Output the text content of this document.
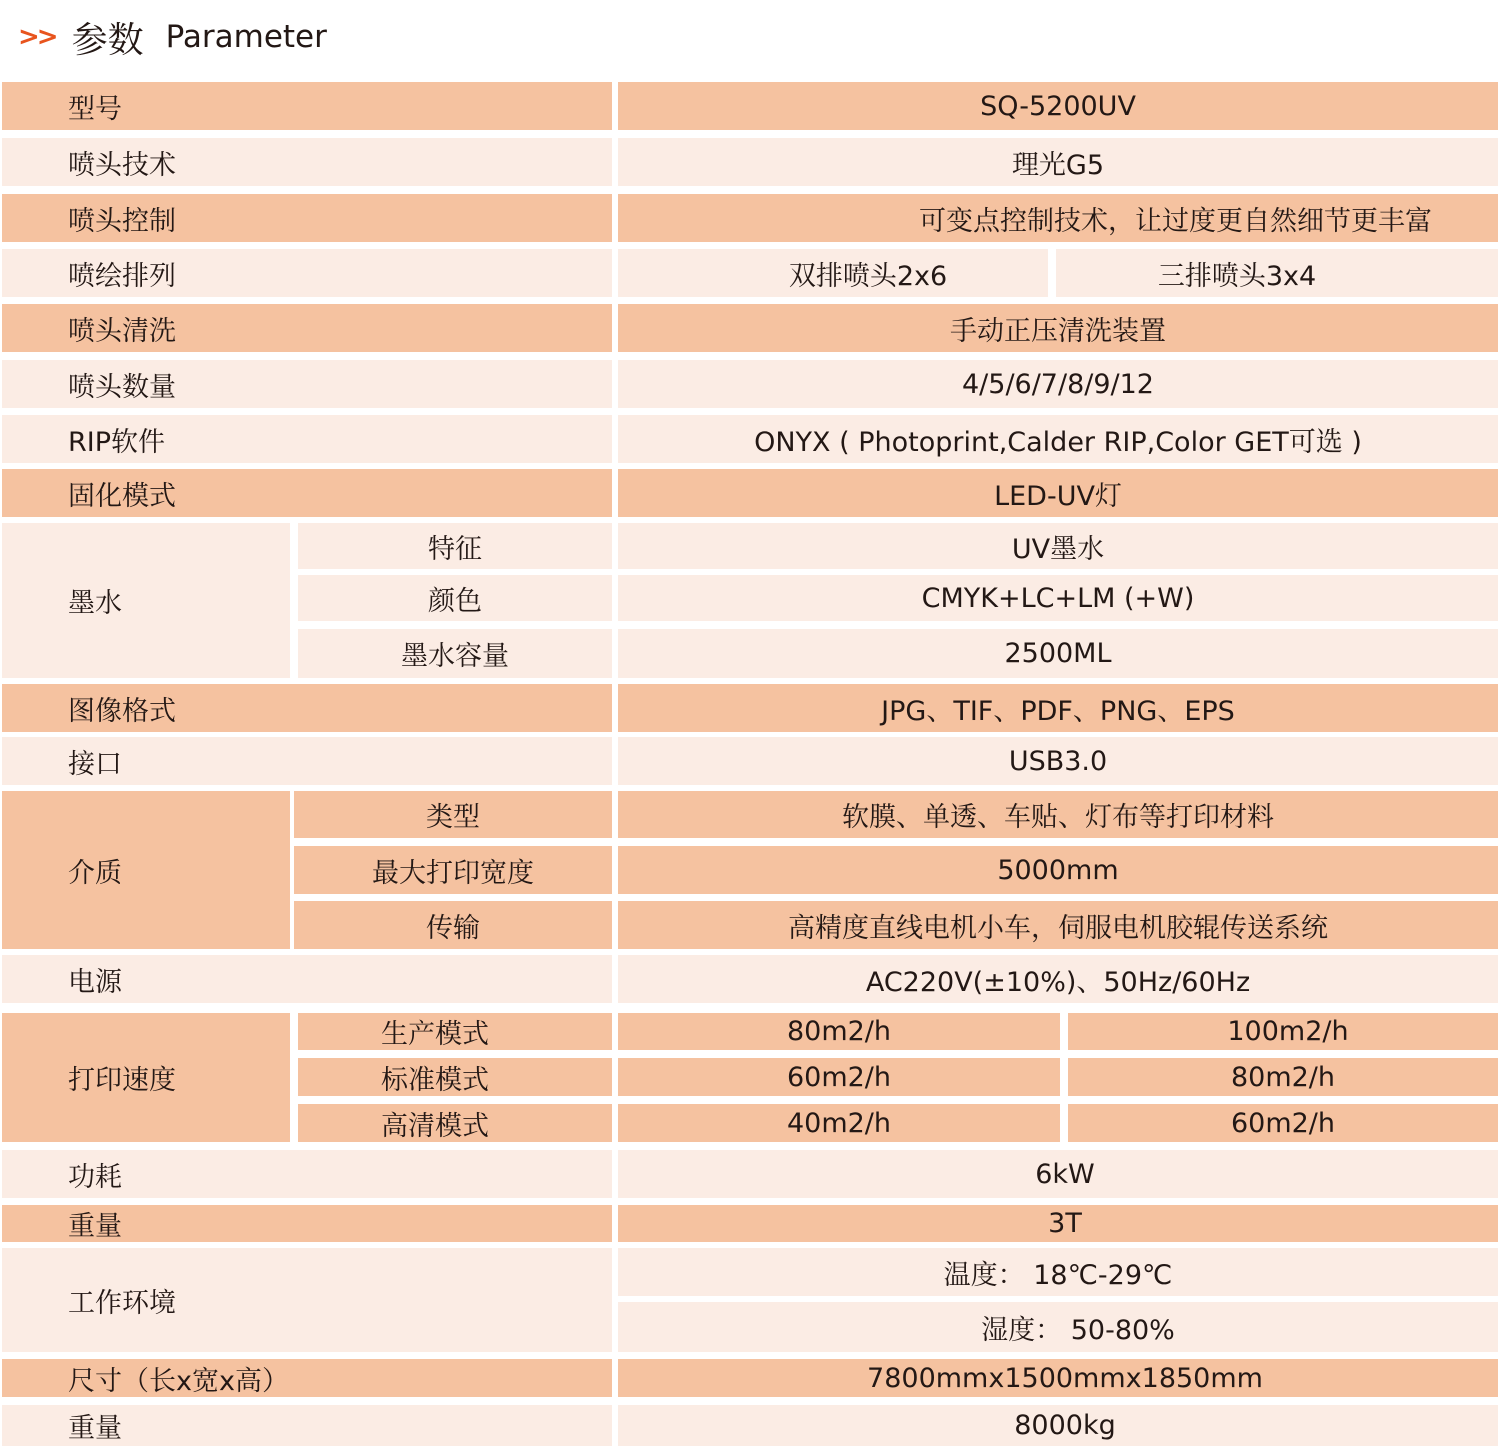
>> 参数 Parameter
型号	SQ-5200UV
喷头技术	理光G5
喷头控制	可变点控制技术，让过度更自然细节更丰富
喷绘排列	双排喷头2x6	三排喷头3x4
喷头清洗	手动正压清洗装置
喷头数量	4/5/6/7/8/9/12
RIP软件	ONYX ( Photoprint,Calder RIP,Color GET可选 )
固化模式	LED-UV灯
墨水
特征	UV墨水
颜色	CMYK+LC+LM (+W)
墨水容量	2500ML
图像格式	JPG、TIF、PDF、PNG、EPS
接口	USB3.0
介质
类型	软膜、单透、车贴、灯布等打印材料
最大打印宽度	5000mm
传输	高精度直线电机小车，伺服电机胶辊传送系统
电源	AC220V(±10%)、50Hz/60Hz
打印速度
生产模式	80m2/h	100m2/h
标准模式	60m2/h	80m2/h
高清模式	40m2/h	60m2/h
功耗	6kW
重量	3T
工作环境
温度： 18℃-29℃
湿度： 50-80%
尺寸（长x宽x高）	7800mmx1500mmx1850mm
重量	8000kg
